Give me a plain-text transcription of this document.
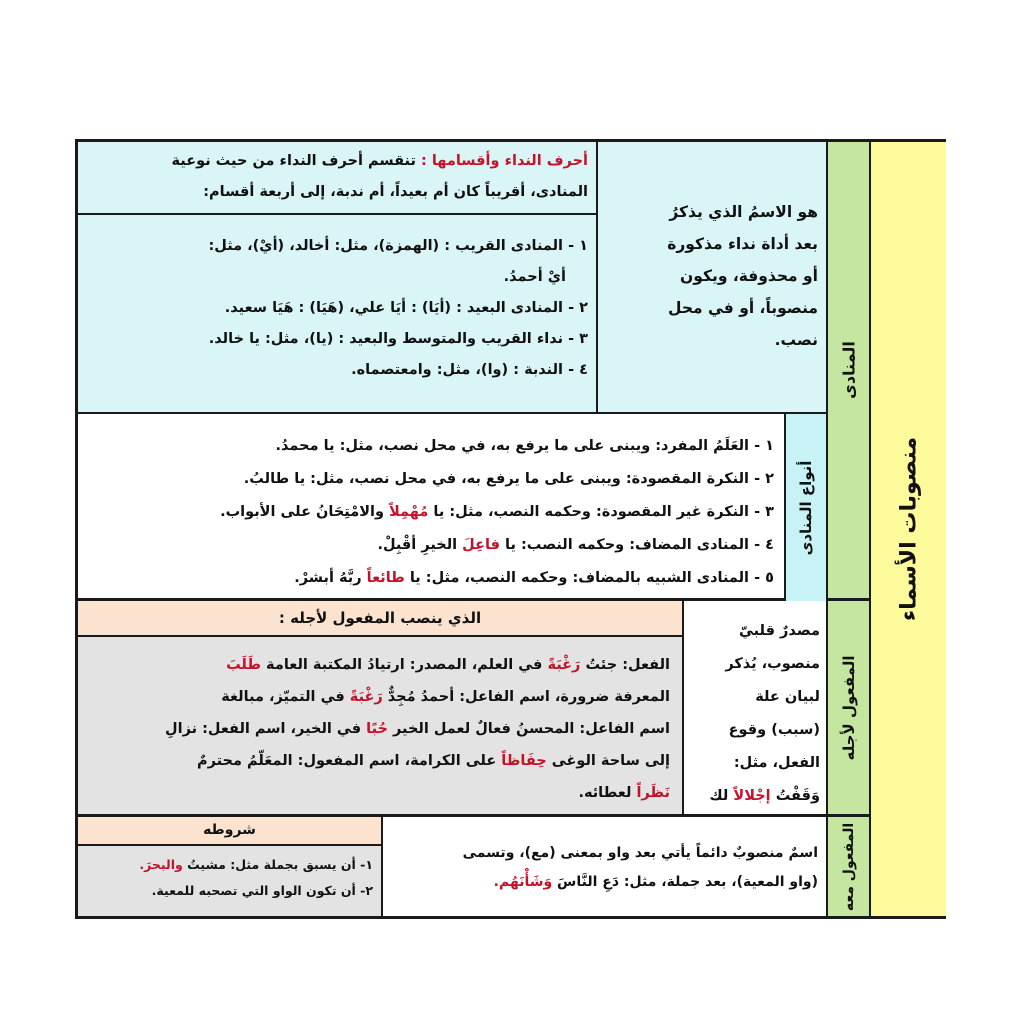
منصوبات الأسماء
المنادى
هو الاسمُ الذي يذكرُ
بعد أداة نداء مذكورة
أو محذوفة، ويكون
منصوباً، أو في محل
نصب.
أحرف النداء وأقسامها : تنقسم أحرف النداء من حيث نوعية
المنادى، أقريباً كان أم بعيداً، أم ندبة، إلى أربعة أقسام:
١ - المنادى القريب : (الهمزة)، مثل: أخالد، (أيْ)، مثل:
أيْ أحمدُ.
٢ - المنادى البعيد : (أيَا) : أيَا علي، (هَيَا) : هَيَا سعيد.
٣ - نداء القريب والمتوسط والبعيد : (يا)، مثل: يا خالد.
٤ - الندبة : (وا)، مثل: وامعتصماه.
أنواع المنادى
١ - العَلَمُ المفرد: ويبنى على ما يرفع به، في محل نصب، مثل: يا محمدُ.
٢ - النكرة المقصودة: ويبنى على ما يرفع به، في محل نصب، مثل: يا طالبُ.
٣ - النكرة غير المقصودة: وحكمه النصب، مثل: يا مُهْمِلاً والامْتِحَانُ على الأبواب.
٤ - المنادى المضاف: وحكمه النصب: يا فاعِلَ الخيرِ أقْبِلْ.
٥ - المنادى الشبيه بالمضاف: وحكمه النصب، مثل: يا طائعاً ربَّهُ أبشرْ.
المفعول لأجله
مصدرٌ قلبيّ
منصوب، يُذكر
لبيان علة
(سبب) وقوع
الفعل، مثل:
وَقَفْتُ إجْلالاً لك
الذي ينصب المفعول لأجله :
الفعل: جئتُ رَغْبَةً في العلم، المصدر: ارتيادُ المكتبة العامة طَلَبَ
المعرفة ضرورة، اسم الفاعل: أحمدُ مُجِدٌّ رَغْبَةً في التميّز، مبالغة
اسم الفاعل: المحسنُ فعالٌ لعمل الخير حُبًا في الخير، اسم الفعل: نزالِ
إلى ساحة الوغى حِفَاظاً على الكرامة، اسم المفعول: المعَلّمُ محترمٌ
نَظَراً لعطائه.
المفعول معه
اسمٌ منصوبٌ دائماً يأتي بعد واو بمعنى (مع)، وتسمى
(واو المعية)، بعد جملة، مثل: دَعِ النَّاسَ وَشَأْنَهُم.
شروطه
١- أن يسبق بجملة مثل: مشيتُ والبحرَ.
٢- أن تكون الواو التي تصحبه للمعية.
